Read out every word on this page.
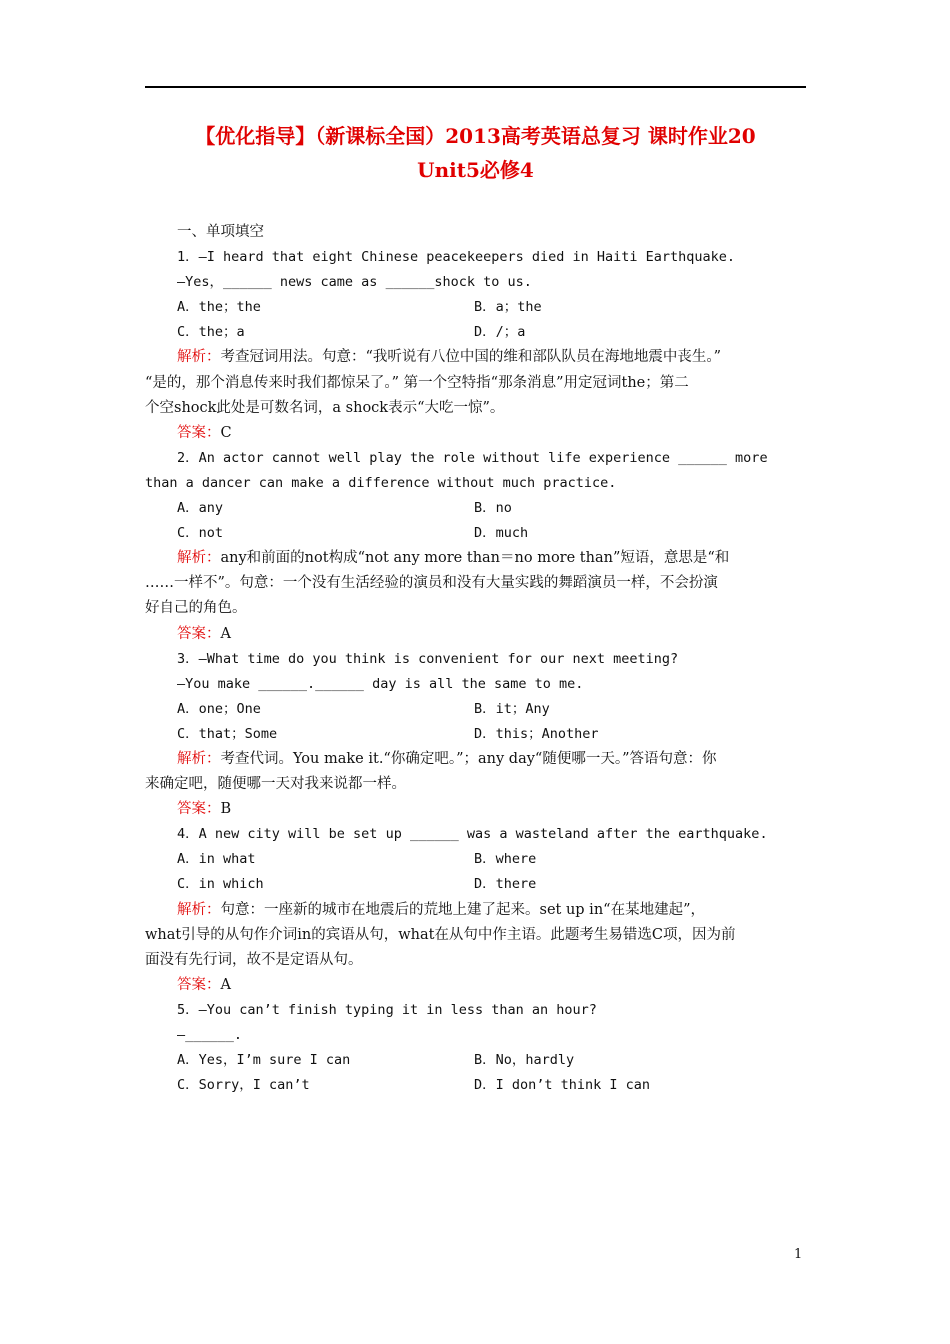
【优化指导】（新课标全国）2013高考英语总复习 课时作业20
Unit5必修4
一、单项填空
1．—I heard that eight Chinese peacekeepers died in Haiti Earthquake.
—Yes，______ news came as ______shock to us.
A．the；the	B．a；the
C．the；a	D．/；a
解析：考查冠词用法。句意：“我听说有八位中国的维和部队队员在海地地震中丧生。”
“是的，那个消息传来时我们都惊呆了。” 第一个空特指“那条消息”用定冠词the；第二
个空shock此处是可数名词，a shock表示“大吃一惊”。
答案：C
2．An actor cannot well play the role without life experience ______ more
than a dancer can make a difference without much practice.
A．any	B．no
C．not	D．much
解析：any和前面的not构成“not any more than＝no more than”短语，意思是“和
……一样不”。句意：一个没有生活经验的演员和没有大量实践的舞蹈演员一样，不会扮演
好自己的角色。
答案：A
3．—What time do you think is convenient for our next meeting?
—You make ______.______ day is all the same to me.
A．one；One	B．it；Any
C．that；Some	D．this；Another
解析：考查代词。You make it.“你确定吧。”；any day“随便哪一天。”答语句意：你
来确定吧，随便哪一天对我来说都一样。
答案：B
4．A new city will be set up ______ was a wasteland after the earthquake.
A．in what	B．where
C．in which	D．there
解析：句意：一座新的城市在地震后的荒地上建了起来。set up in“在某地建起”，
what引导的从句作介词in的宾语从句，what在从句中作主语。此题考生易错选C项，因为前
面没有先行词，故不是定语从句。
答案：A
5．—You can’t finish typing it in less than an hour?
—______.
A．Yes，I’m sure I can	B．No，hardly
C．Sorry，I can’t	D．I don’t think I can
1
